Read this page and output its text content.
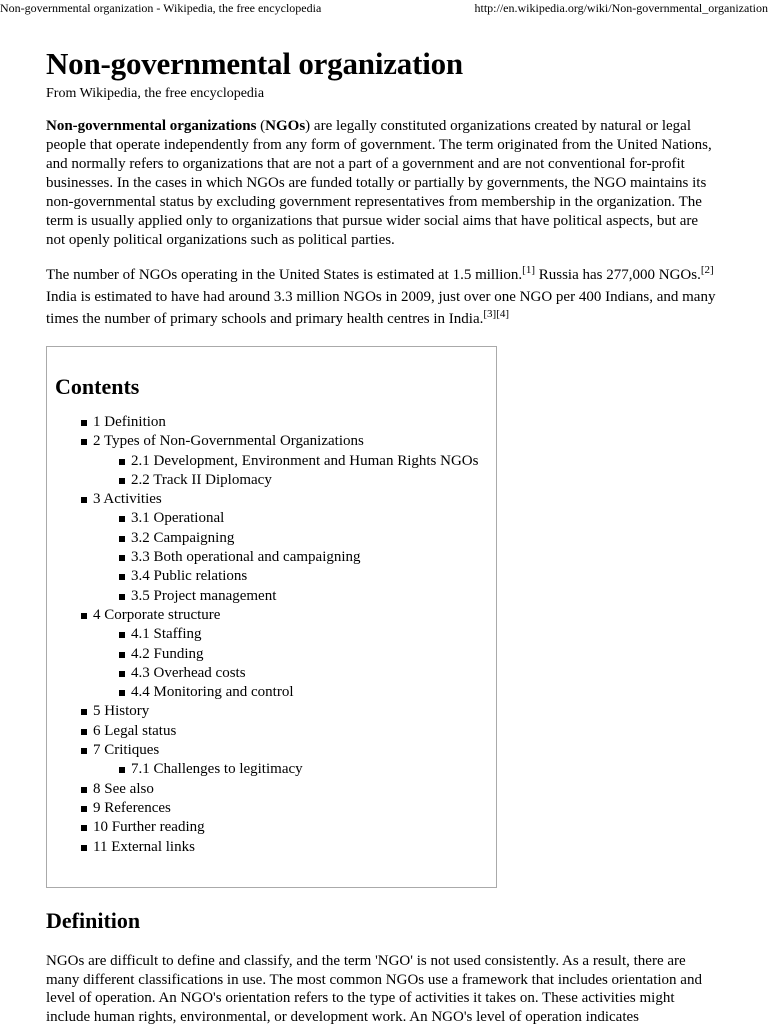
Non-governmental organization - Wikipedia, the free encyclopedia	http://en.wikipedia.org/wiki/Non-governmental_organization
Non-governmental organization
From Wikipedia, the free encyclopedia

Non-governmental organizations (NGOs) are legally constituted organizations created by natural or legal people that operate independently from any form of government. The term originated from the United Nations, and normally refers to organizations that are not a part of a government and are not conventional for-profit businesses. In the cases in which NGOs are funded totally or partially by governments, the NGO maintains its non-governmental status by excluding government representatives from membership in the organization. The term is usually applied only to organizations that pursue wider social aims that have political aspects, but are not openly political organizations such as political parties.

The number of NGOs operating in the United States is estimated at 1.5 million.[1] Russia has 277,000 NGOs.[2] India is estimated to have had around 3.3 million NGOs in 2009, just over one NGO per 400 Indians, and many times the number of primary schools and primary health centres in India.[3][4]

Contents
1 Definition
2 Types of Non-Governmental Organizations
2.1 Development, Environment and Human Rights NGOs
2.2 Track II Diplomacy
3 Activities
3.1 Operational
3.2 Campaigning
3.3 Both operational and campaigning
3.4 Public relations
3.5 Project management
4 Corporate structure
4.1 Staffing
4.2 Funding
4.3 Overhead costs
4.4 Monitoring and control
5 History
6 Legal status
7 Critiques
7.1 Challenges to legitimacy
8 See also
9 References
10 Further reading
11 External links
Definition

NGOs are difficult to define and classify, and the term 'NGO' is not used consistently. As a result, there are many different classifications in use. The most common NGOs use a framework that includes orientation and level of operation. An NGO's orientation refers to the type of activities it takes on. These activities might include human rights, environmental, or development work. An NGO's level of operation indicates
